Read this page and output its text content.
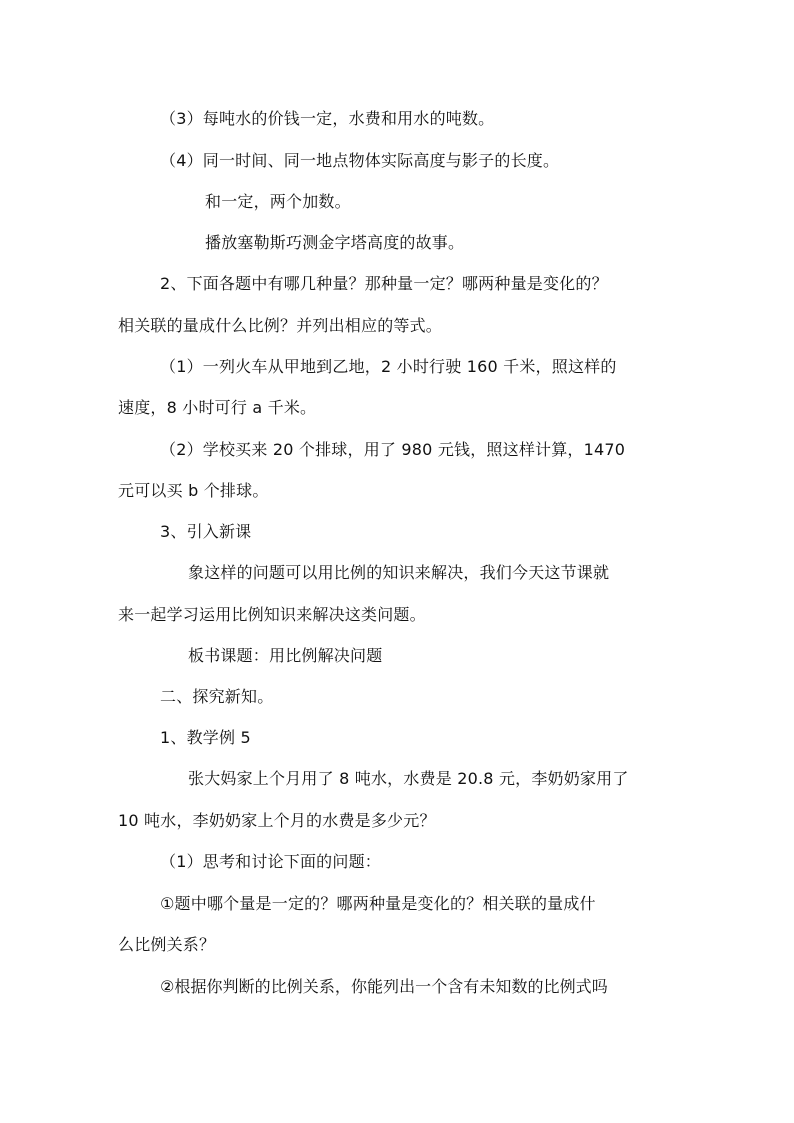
（3）每吨水的价钱一定，水费和用水的吨数。
（4）同一时间、同一地点物体实际高度与影子的长度。
和一定，两个加数。
播放塞勒斯巧测金字塔高度的故事。
2、下面各题中有哪几种量？那种量一定？哪两种量是变化的？
相关联的量成什么比例？并列出相应的等式。
（1）一列火车从甲地到乙地，2 小时行驶 160 千米，照这样的
速度，8 小时可行 a 千米。
（2）学校买来 20 个排球，用了 980 元钱，照这样计算，1470
元可以买 b 个排球。
3、引入新课
象这样的问题可以用比例的知识来解决，我们今天这节课就
来一起学习运用比例知识来解决这类问题。
板书课题：用比例解决问题
二、探究新知。
1、教学例 5
张大妈家上个月用了 8 吨水，水费是 20.8 元，李奶奶家用了
10 吨水，李奶奶家上个月的水费是多少元？
（1）思考和讨论下面的问题：
①题中哪个量是一定的？哪两种量是变化的？相关联的量成什
么比例关系？
②根据你判断的比例关系，你能列出一个含有未知数的比例式吗
